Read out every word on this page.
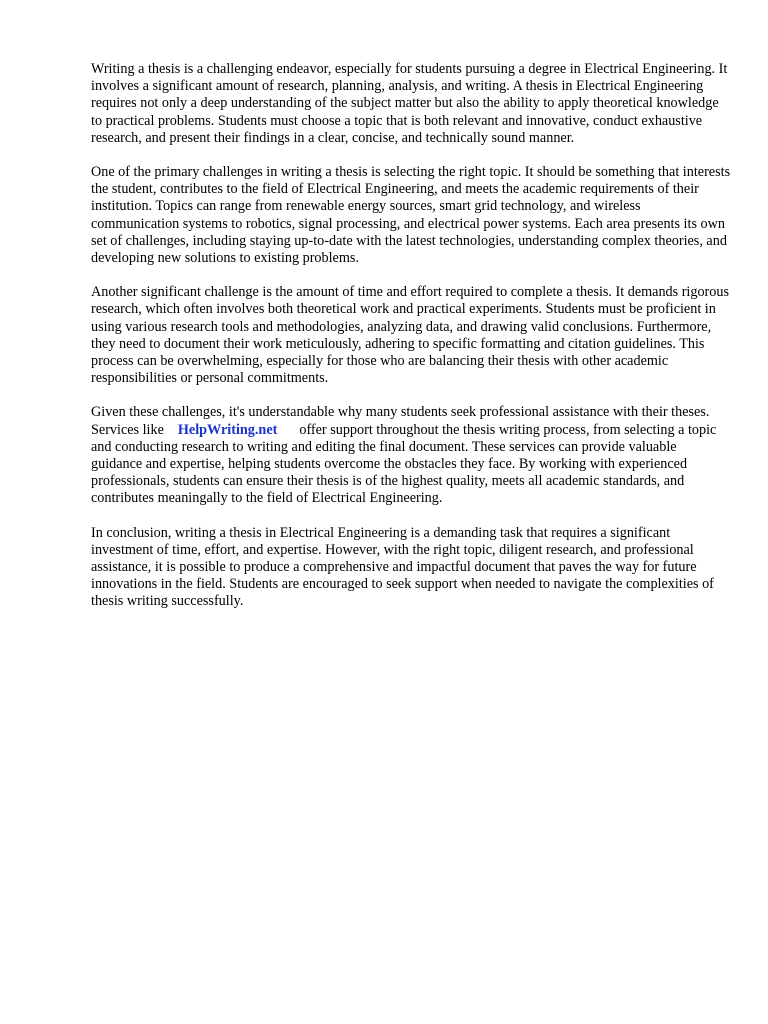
Writing a thesis is a challenging endeavor, especially for students pursuing a degree in Electrical Engineering. It involves a significant amount of research, planning, analysis, and writing. A thesis in Electrical Engineering requires not only a deep understanding of the subject matter but also the ability to apply theoretical knowledge to practical problems. Students must choose a topic that is both relevant and innovative, conduct exhaustive research, and present their findings in a clear, concise, and technically sound manner.

One of the primary challenges in writing a thesis is selecting the right topic. It should be something that interests the student, contributes to the field of Electrical Engineering, and meets the academic requirements of their institution. Topics can range from renewable energy sources, smart grid technology, and wireless communication systems to robotics, signal processing, and electrical power systems. Each area presents its own set of challenges, including staying up-to-date with the latest technologies, understanding complex theories, and developing new solutions to existing problems.

Another significant challenge is the amount of time and effort required to complete a thesis. It demands rigorous research, which often involves both theoretical work and practical experiments. Students must be proficient in using various research tools and methodologies, analyzing data, and drawing valid conclusions. Furthermore, they need to document their work meticulously, adhering to specific formatting and citation guidelines. This process can be overwhelming, especially for those who are balancing their thesis with other academic responsibilities or personal commitments.

Given these challenges, it's understandable why many students seek professional assistance with their theses. Services like HelpWriting.net offer support throughout the thesis writing process, from selecting a topic and conducting research to writing and editing the final document. These services can provide valuable guidance and expertise, helping students overcome the obstacles they face. By working with experienced professionals, students can ensure their thesis is of the highest quality, meets all academic standards, and contributes meaningally to the field of Electrical Engineering.

In conclusion, writing a thesis in Electrical Engineering is a demanding task that requires a significant investment of time, effort, and expertise. However, with the right topic, diligent research, and professional assistance, it is possible to produce a comprehensive and impactful document that paves the way for future innovations in the field. Students are encouraged to seek support when needed to navigate the complexities of thesis writing successfully.
